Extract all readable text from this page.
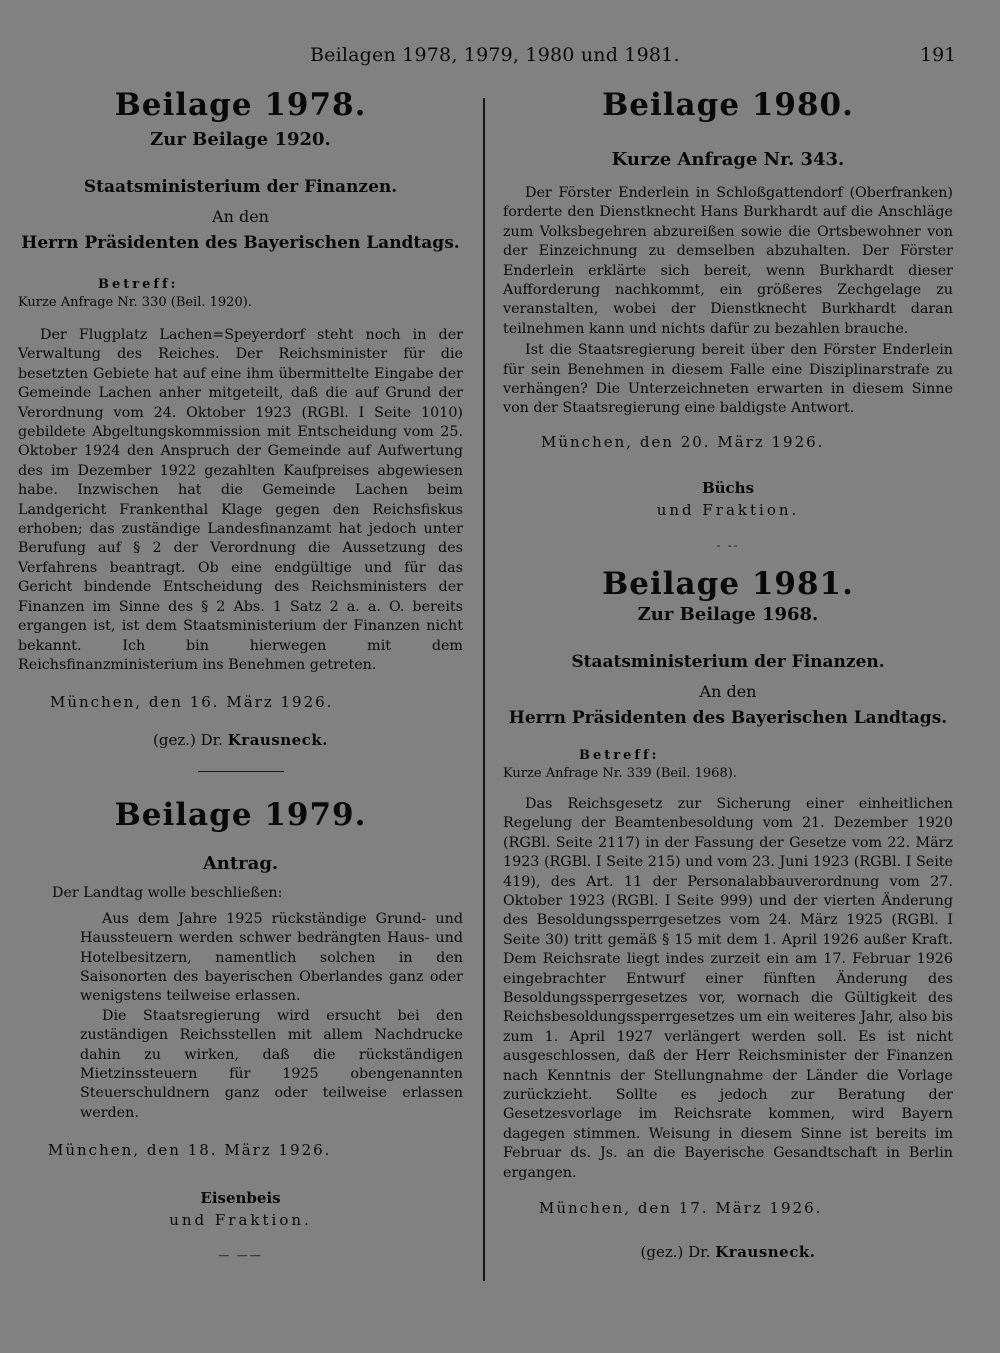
Beilagen 1978, 1979, 1980 und 1981.	191
Beilage 1978.
Zur Beilage 1920.
Staatsministerium der Finanzen.
An den
Herrn Präsidenten des Bayerischen Landtags.
Betreff:
Kurze Anfrage Nr. 330 (Beil. 1920).

Der Flugplatz Lachen=Speyerdorf steht noch in der Verwaltung des Reiches. Der Reichsminister für die besetzten Gebiete hat auf eine ihm übermittelte Eingabe der Gemeinde Lachen anher mitgeteilt, daß die auf Grund der Verordnung vom 24. Oktober 1923 (RGBl. I Seite 1010) gebildete Abgeltungskommission mit Entscheidung vom 25. Oktober 1924 den Anspruch der Gemeinde auf Aufwertung des im Dezember 1922 gezahlten Kaufpreises abgewiesen habe. Inzwischen hat die Gemeinde Lachen beim Landgericht Frankenthal Klage gegen den Reichsfiskus erhoben; das zuständige Landesfinanzamt hat jedoch unter Berufung auf § 2 der Verordnung die Aussetzung des Verfahrens beantragt. Ob eine endgültige und für das Gericht bindende Entscheidung des Reichsministers der Finanzen im Sinne des § 2 Abs. 1 Satz 2 a. a. O. bereits ergangen ist, ist dem Staatsministerium der Finanzen nicht bekannt. Ich bin hierwegen mit dem Reichsfinanzministerium ins Benehmen getreten.

München, den 16. März 1926.
(gez.) Dr. Krausneck.
Beilage 1979.
Antrag.
Der Landtag wolle beschließen:

Aus dem Jahre 1925 rückständige Grund- und Haussteuern werden schwer bedrängten Haus- und Hotelbesitzern, namentlich solchen in den Saisonorten des bayerischen Oberlandes ganz oder wenigstens teilweise erlassen.

Die Staatsregierung wird ersucht bei den zuständigen Reichsstellen mit allem Nachdrucke dahin zu wirken, daß die rückständigen Mietzinssteuern für 1925 obengenannten Steuerschuldnern ganz oder teilweise erlassen werden.

München, den 18. März 1926.
Eisenbeis
und Fraktion.
— ——
Beilage 1980.
Kurze Anfrage Nr. 343.

Der Förster Enderlein in Schloßgattendorf (Oberfranken) forderte den Dienstknecht Hans Burkhardt auf die Anschläge zum Volksbegehren abzureißen sowie die Ortsbewohner von der Einzeichnung zu demselben abzuhalten. Der Förster Enderlein erklärte sich bereit, wenn Burkhardt dieser Aufforderung nachkommt, ein größeres Zechgelage zu veranstalten, wobei der Dienstknecht Burkhardt daran teilnehmen kann und nichts dafür zu bezahlen brauche.

Ist die Staatsregierung bereit über den Förster Enderlein für sein Benehmen in diesem Falle eine Disziplinarstrafe zu verhängen? Die Unterzeichneten erwarten in diesem Sinne von der Staatsregierung eine baldigste Antwort.

München, den 20. März 1926.
Büchs
und Fraktion.
- --
Beilage 1981.
Zur Beilage 1968.
Staatsministerium der Finanzen.
An den
Herrn Präsidenten des Bayerischen Landtags.
Betreff:
Kurze Anfrage Nr. 339 (Beil. 1968).

Das Reichsgesetz zur Sicherung einer einheitlichen Regelung der Beamtenbesoldung vom 21. Dezember 1920 (RGBl. Seite 2117) in der Fassung der Gesetze vom 22. März 1923 (RGBl. I Seite 215) und vom 23. Juni 1923 (RGBl. I Seite 419), des Art. 11 der Personalabbauverordnung vom 27. Oktober 1923 (RGBl. I Seite 999) und der vierten Änderung des Besoldungssperrgesetzes vom 24. März 1925 (RGBl. I Seite 30) tritt gemäß § 15 mit dem 1. April 1926 außer Kraft. Dem Reichsrate liegt indes zurzeit ein am 17. Februar 1926 eingebrachter Entwurf einer fünften Änderung des Besoldungssperrgesetzes vor, wornach die Gültigkeit des Reichsbesoldungssperrgesetzes um ein weiteres Jahr, also bis zum 1. April 1927 verlängert werden soll. Es ist nicht ausgeschlossen, daß der Herr Reichsminister der Finanzen nach Kenntnis der Stellungnahme der Länder die Vorlage zurückzieht. Sollte es jedoch zur Beratung der Gesetzesvorlage im Reichsrate kommen, wird Bayern dagegen stimmen. Weisung in diesem Sinne ist bereits im Februar ds. Js. an die Bayerische Gesandtschaft in Berlin ergangen.

München, den 17. März 1926.
(gez.) Dr. Krausneck.
